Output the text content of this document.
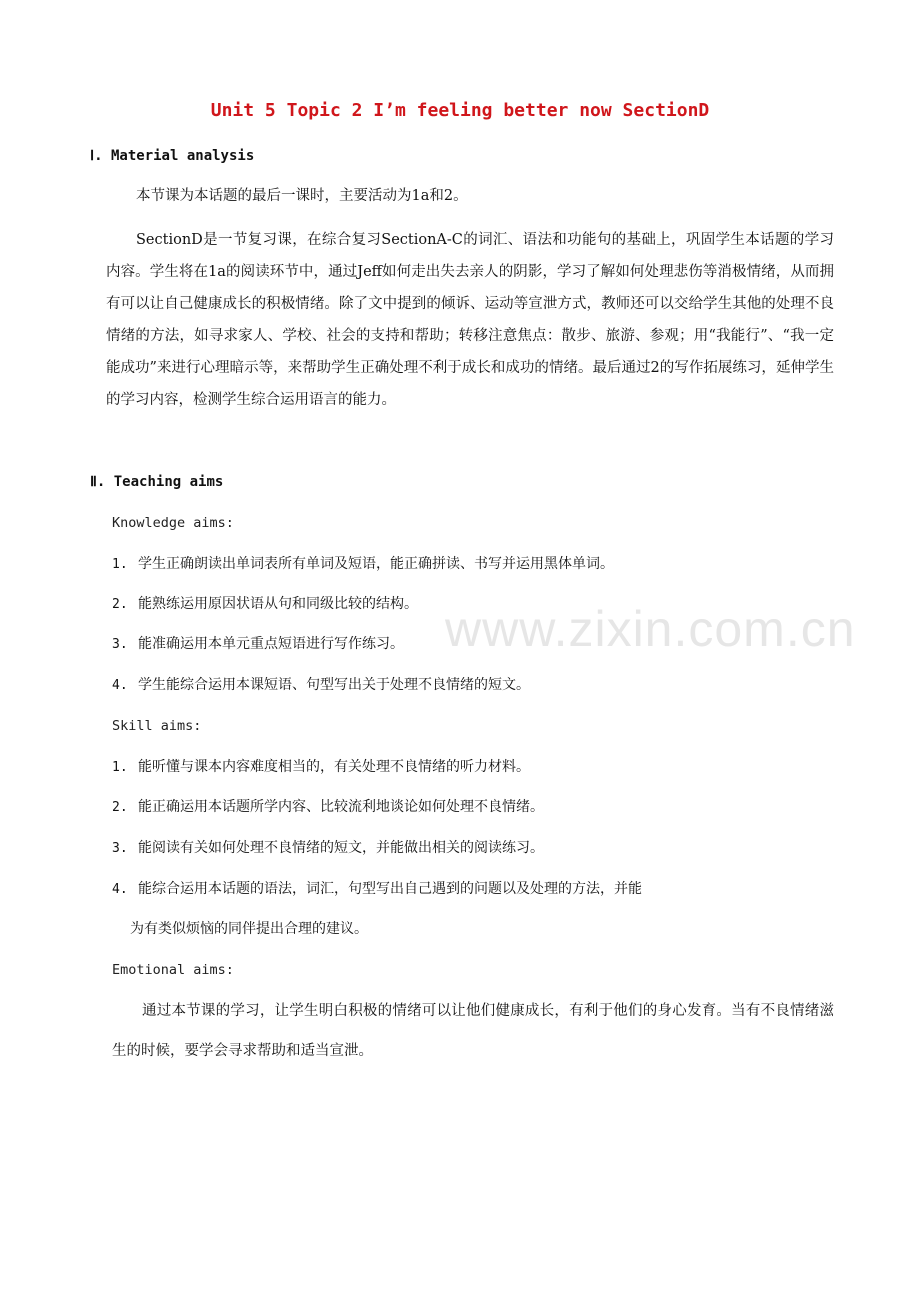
Unit 5 Topic 2 I’m feeling better now SectionD
Ⅰ. Material analysis

本节课为本话题的最后一课时，主要活动为1a和2。

SectionD是一节复习课，在综合复习SectionA-C的词汇、语法和功能句的基础上，巩固学生本话题的学习内容。学生将在1a的阅读环节中，通过Jeff如何走出失去亲人的阴影，学习了解如何处理悲伤等消极情绪，从而拥有可以让自己健康成长的积极情绪。除了文中提到的倾诉、运动等宣泄方式，教师还可以交给学生其他的处理不良情绪的方法，如寻求家人、学校、社会的支持和帮助；转移注意焦点：散步、旅游、参观；用“我能行”、“我一定能成功”来进行心理暗示等，来帮助学生正确处理不利于成长和成功的情绪。最后通过2的写作拓展练习，延伸学生的学习内容，检测学生综合运用语言的能力。

Ⅱ. Teaching aims
Knowledge aims:
1. 学生正确朗读出单词表所有单词及短语，能正确拼读、书写并运用黑体单词。
2. 能熟练运用原因状语从句和同级比较的结构。
3. 能准确运用本单元重点短语进行写作练习。
4. 学生能综合运用本课短语、句型写出关于处理不良情绪的短文。
Skill aims:
1. 能听懂与课本内容难度相当的，有关处理不良情绪的听力材料。
2. 能正确运用本话题所学内容、比较流利地谈论如何处理不良情绪。
3. 能阅读有关如何处理不良情绪的短文，并能做出相关的阅读练习。
4. 能综合运用本话题的语法，词汇，句型写出自己遇到的问题以及处理的方法，并能
为有类似烦恼的同伴提出合理的建议。
Emotional aims:

通过本节课的学习，让学生明白积极的情绪可以让他们健康成长，有利于他们的身心发育。当有不良情绪滋生的时候，要学会寻求帮助和适当宣泄。

www.zixin.com.cn
